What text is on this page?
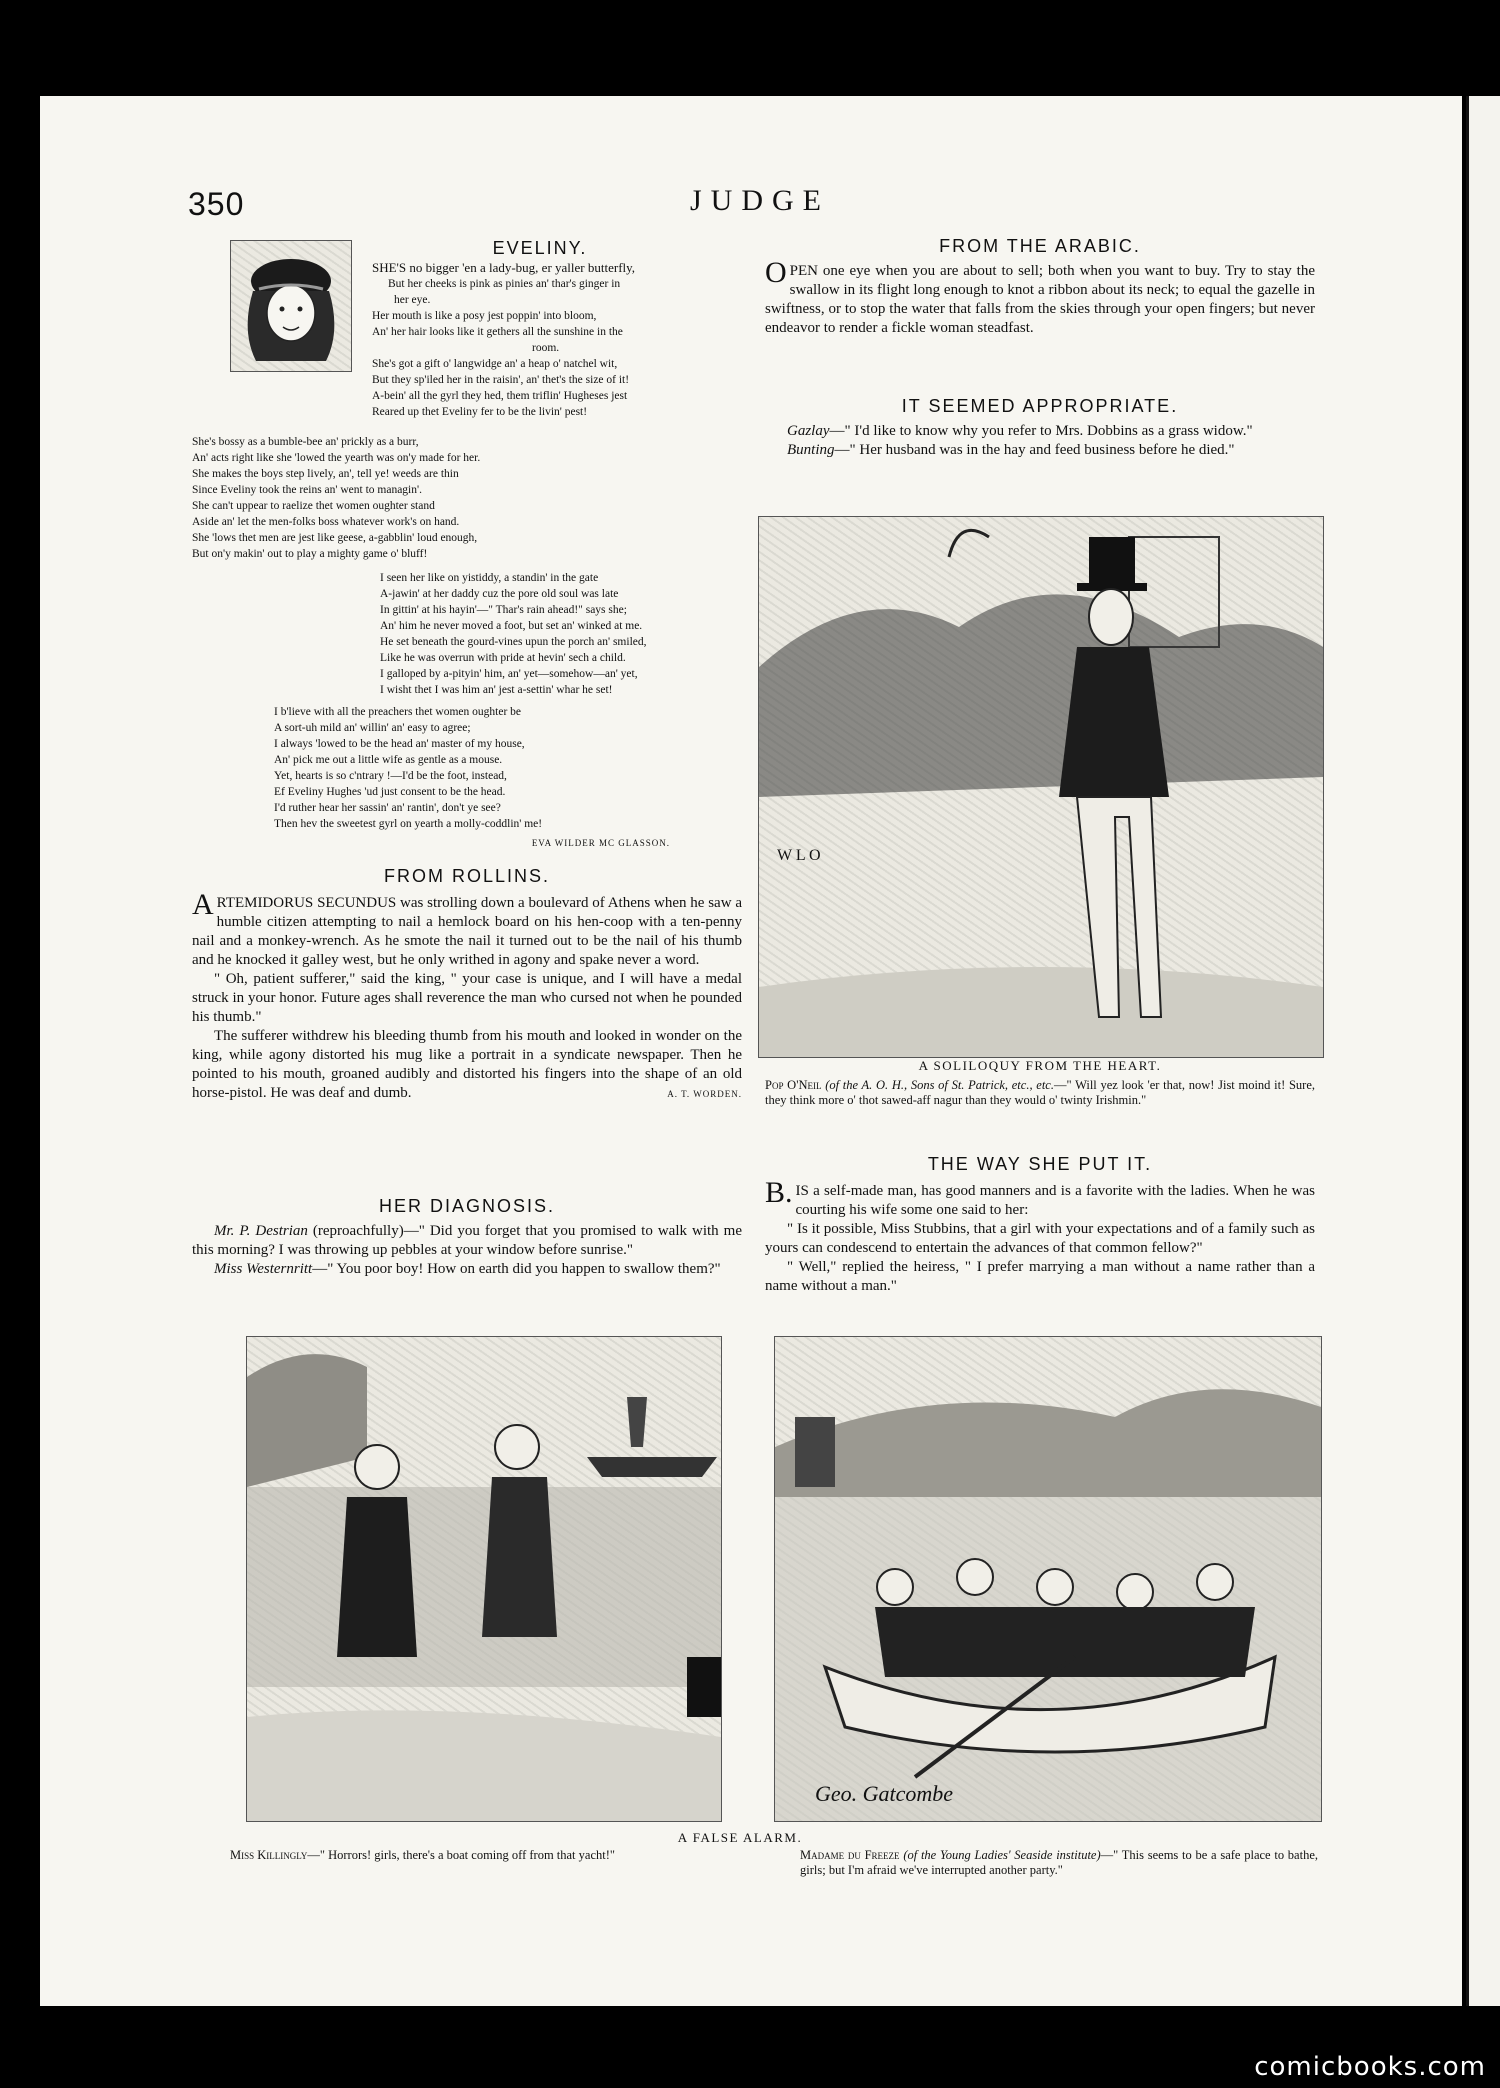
350	JUDGE
EVELINY.
SHE'S no bigger 'en a lady-bug, er yaller butterfly,
But her cheeks is pink as pinies an' thar's ginger in
her eye.
Her mouth is like a posy jest poppin' into bloom,
An' her hair looks like it gethers all the sunshine in the
room.
She's got a gift o' langwidge an' a heap o' natchel wit,
But they sp'iled her in the raisin', an' thet's the size of it!
A-bein' all the gyrl they hed, them triflin' Hugheses jest
Reared up thet Eveliny fer to be the livin' pest!
She's bossy as a bumble-bee an' prickly as a burr,
An' acts right like she 'lowed the yearth was on'y made for her.
She makes the boys step lively, an', tell ye! weeds are thin
Since Eveliny took the reins an' went to managin'.
She can't uppear to raelize thet women oughter stand
Aside an' let the men-folks boss whatever work's on hand.
She 'lows thet men are jest like geese, a-gabblin' loud enough,
But on'y makin' out to play a mighty game o' bluff!
I seen her like on yistiddy, a standin' in the gate
A-jawin' at her daddy cuz the pore old soul was late
In gittin' at his hayin'—" Thar's rain ahead!" says she;
An' him he never moved a foot, but set an' winked at me.
He set beneath the gourd-vines upun the porch an' smiled,
Like he was overrun with pride at hevin' sech a child.
I galloped by a-pityin' him, an' yet—somehow—an' yet,
I wisht thet I was him an' jest a-settin' whar he set!
I b'lieve with all the preachers thet women oughter be
A sort-uh mild an' willin' an' easy to agree;
I always 'lowed to be the head an' master of my house,
An' pick me out a little wife as gentle as a mouse.
Yet, hearts is so c'ntrary !—I'd be the foot, instead,
Ef Eveliny Hughes 'ud just consent to be the head.
I'd ruther hear her sassin' an' rantin', don't ye see?
Then hev the sweetest gyrl on yearth a molly-coddlin' me!
EVA WILDER MC GLASSON.
FROM ROLLINS.

ARTEMIDORUS SECUNDUS was strolling down a boulevard of Athens when he saw a humble citizen attempting to nail a hemlock board on his hen-coop with a ten-penny nail and a monkey-wrench. As he smote the nail it turned out to be the nail of his thumb and he knocked it galley west, but he only writhed in agony and spake never a word.

" Oh, patient sufferer," said the king, " your case is unique, and I will have a medal struck in your honor. Future ages shall reverence the man who cursed not when he pounded his thumb."

The sufferer withdrew his bleeding thumb from his mouth and looked in wonder on the king, while agony distorted his mug like a portrait in a syndicate newspaper. Then he pointed to his mouth, groaned audibly and distorted his fingers into the shape of an old horse-pistol. He was deaf and dumb.	A. T. WORDEN.
HER DIAGNOSIS.

Mr. P. Destrian (reproachfully)—" Did you forget that you promised to walk with me this morning? I was throwing up pebbles at your window before sunrise."

Miss Westernritt—" You poor boy! How on earth did you happen to swallow them?"

FROM THE ARABIC.

OPEN one eye when you are about to sell; both when you want to buy. Try to stay the swallow in its flight long enough to knot a ribbon about its neck; to equal the gazelle in swiftness, or to stop the water that falls from the skies through your open fingers; but never endeavor to render a fickle woman steadfast.

IT SEEMED APPROPRIATE.

Gazlay—" I'd like to know why you refer to Mrs. Dobbins as a grass widow."

Bunting—" Her husband was in the hay and feed business before he died."

W L O
A SOLILOQUY FROM THE HEART.
Pop O'Neil (of the A. O. H., Sons of St. Patrick, etc., etc.—" Will yez look 'er that, now! Jist moind it! Sure, they think more o' thot sawed-aff nagur than they would o' twinty Irishmin."
THE WAY SHE PUT IT.

B. IS a self-made man, has good manners and is a favorite with the ladies. When he was courting his wife some one said to her:

" Is it possible, Miss Stubbins, that a girl with your expectations and of a family such as yours can condescend to entertain the advances of that common fellow?"

" Well," replied the heiress, " I prefer marrying a man without a name rather than a name without a man."

Geo. Gatcombe
A FALSE ALARM.
Miss Killingly—" Horrors! girls, there's a boat coming off from that yacht!"	Madame du Freeze (of the Young Ladies' Seaside institute)—" This seems to be a safe place to bathe, girls; but I'm afraid we've interrupted another party."
comicbooks.com
